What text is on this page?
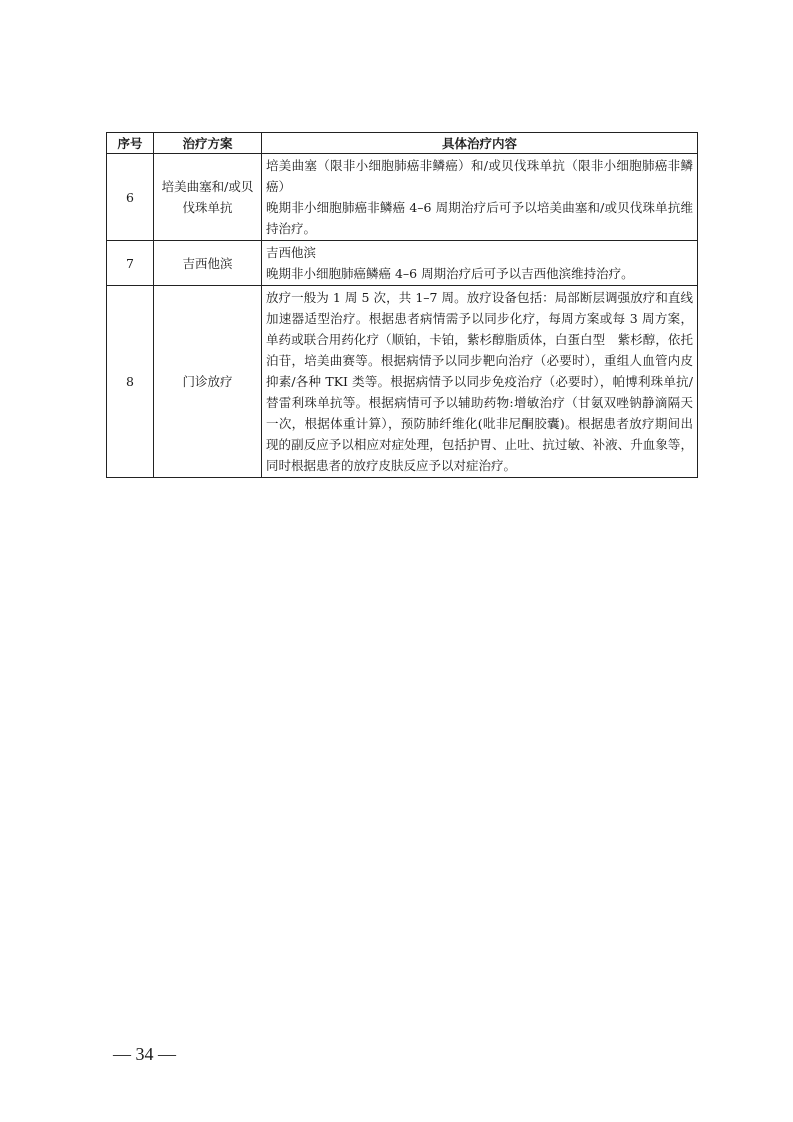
序号	治疗方案	具体治疗内容
6	培美曲塞和/或贝伐珠单抗	培美曲塞（限非小细胞肺癌非鳞癌）和/或贝伐珠单抗（限非小细胞肺癌非鳞癌）
晚期非小细胞肺癌非鳞癌 4–6 周期治疗后可予以培美曲塞和/或贝伐珠单抗维持治疗。

7	吉西他滨	吉西他滨
晚期非小细胞肺癌鳞癌 4–6 周期治疗后可予以吉西他滨维持治疗。

8	门诊放疗	放疗一般为 1 周 5 次，共 1–7 周。放疗设备包括：局部断层调强放疗和直线加速器适型治疗。根据患者病情需予以同步化疗，每周方案或每 3 周方案，单药或联合用药化疗（顺铂，卡铂，紫杉醇脂质体，白蛋白型　紫杉醇，依托泊苷，培美曲赛等。根据病情予以同步靶向治疗（必要时），重组人血管内皮抑素/各种 TKI 类等。根据病情予以同步免疫治疗（必要时），帕博利珠单抗/替雷利珠单抗等。根据病情可予以辅助药物:增敏治疗（甘氨双唑钠静滴隔天一次，根据体重计算），预防肺纤维化(吡非尼酮胶囊)。根据患者放疗期间出现的副反应予以相应对症处理，包括护胃、止吐、抗过敏、补液、升血象等，同时根据患者的放疗皮肤反应予以对症治疗。
— 34 —
